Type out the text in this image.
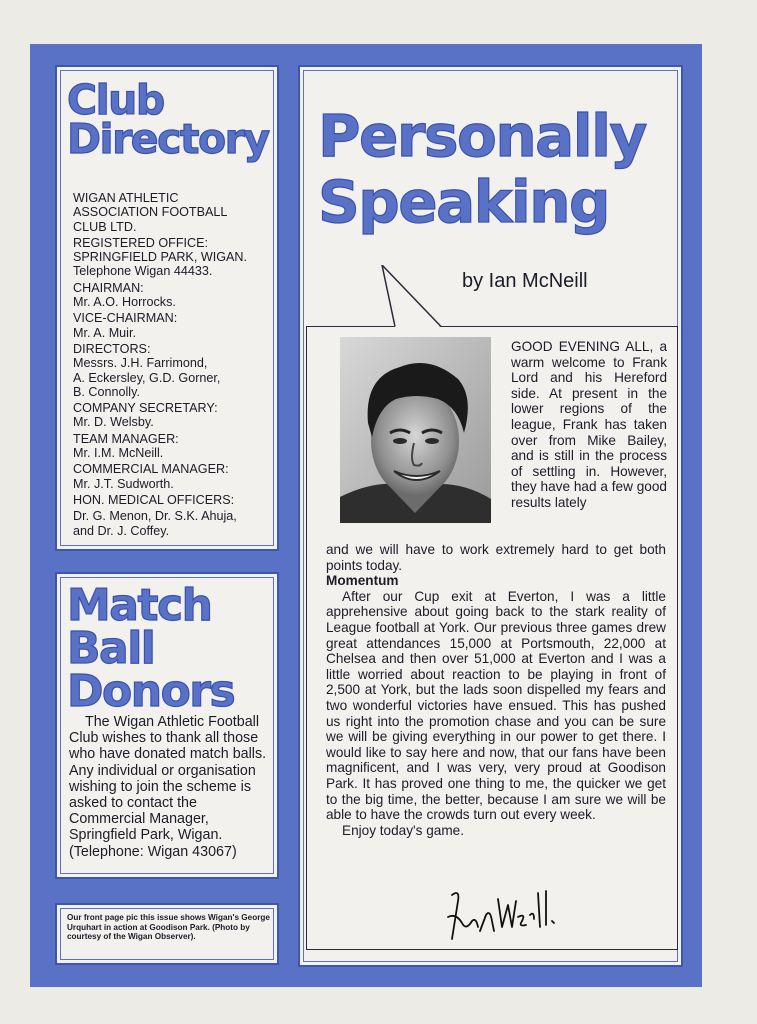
Club
Directory
WIGAN ATHLETIC
ASSOCIATION FOOTBALL
CLUB LTD.
REGISTERED OFFICE:
SPRINGFIELD PARK, WIGAN.
Telephone Wigan 44433.
CHAIRMAN:
Mr. A.O. Horrocks.
VICE-CHAIRMAN:
Mr. A. Muir.
DIRECTORS:
Messrs. J.H. Farrimond,
A. Eckersley, G.D. Gorner,
B. Connolly.
COMPANY SECRETARY:
Mr. D. Welsby.
TEAM MANAGER:
Mr. I.M. McNeill.
COMMERCIAL MANAGER:
Mr. J.T. Sudworth.
HON. MEDICAL OFFICERS:
Dr. G. Menon, Dr. S.K. Ahuja,
and Dr. J. Coffey.
Match
Ball
Donors
The Wigan Athletic Football Club wishes to thank all those who have donated match balls. Any individual or organisation wishing to join the scheme is asked to contact the Commercial Manager, Springfield Park, Wigan. (Telephone: Wigan 43067)
Our front page pic this issue shows Wigan's George Urquhart in action at Goodison Park. (Photo by courtesy of the Wigan Observer).
Personally
Speaking
by Ian McNeill
GOOD EVENING ALL, a warm welcome to Frank Lord and his Hereford side. At present in the lower regions of the league, Frank has taken over from Mike Bailey, and is still in the process of settling in. However, they have had a few good results lately

and we will have to work extremely hard to get both points today.

Momentum

After our Cup exit at Everton, I was a little apprehensive about going back to the stark reality of League football at York. Our previous three games drew great attendances 15,000 at Portsmouth, 22,000 at Chelsea and then over 51,000 at Everton and I was a little worried about reaction to be playing in front of 2,500 at York, but the lads soon dispelled my fears and two wonderful victories have ensued. This has pushed us right into the promotion chase and you can be sure we will be giving everything in our power to get there. I would like to say here and now, that our fans have been magnificent, and I was very, very proud at Goodison Park. It has proved one thing to me, the quicker we get to the big time, the better, because I am sure we will be able to have the crowds turn out every week.

Enjoy today's game.
